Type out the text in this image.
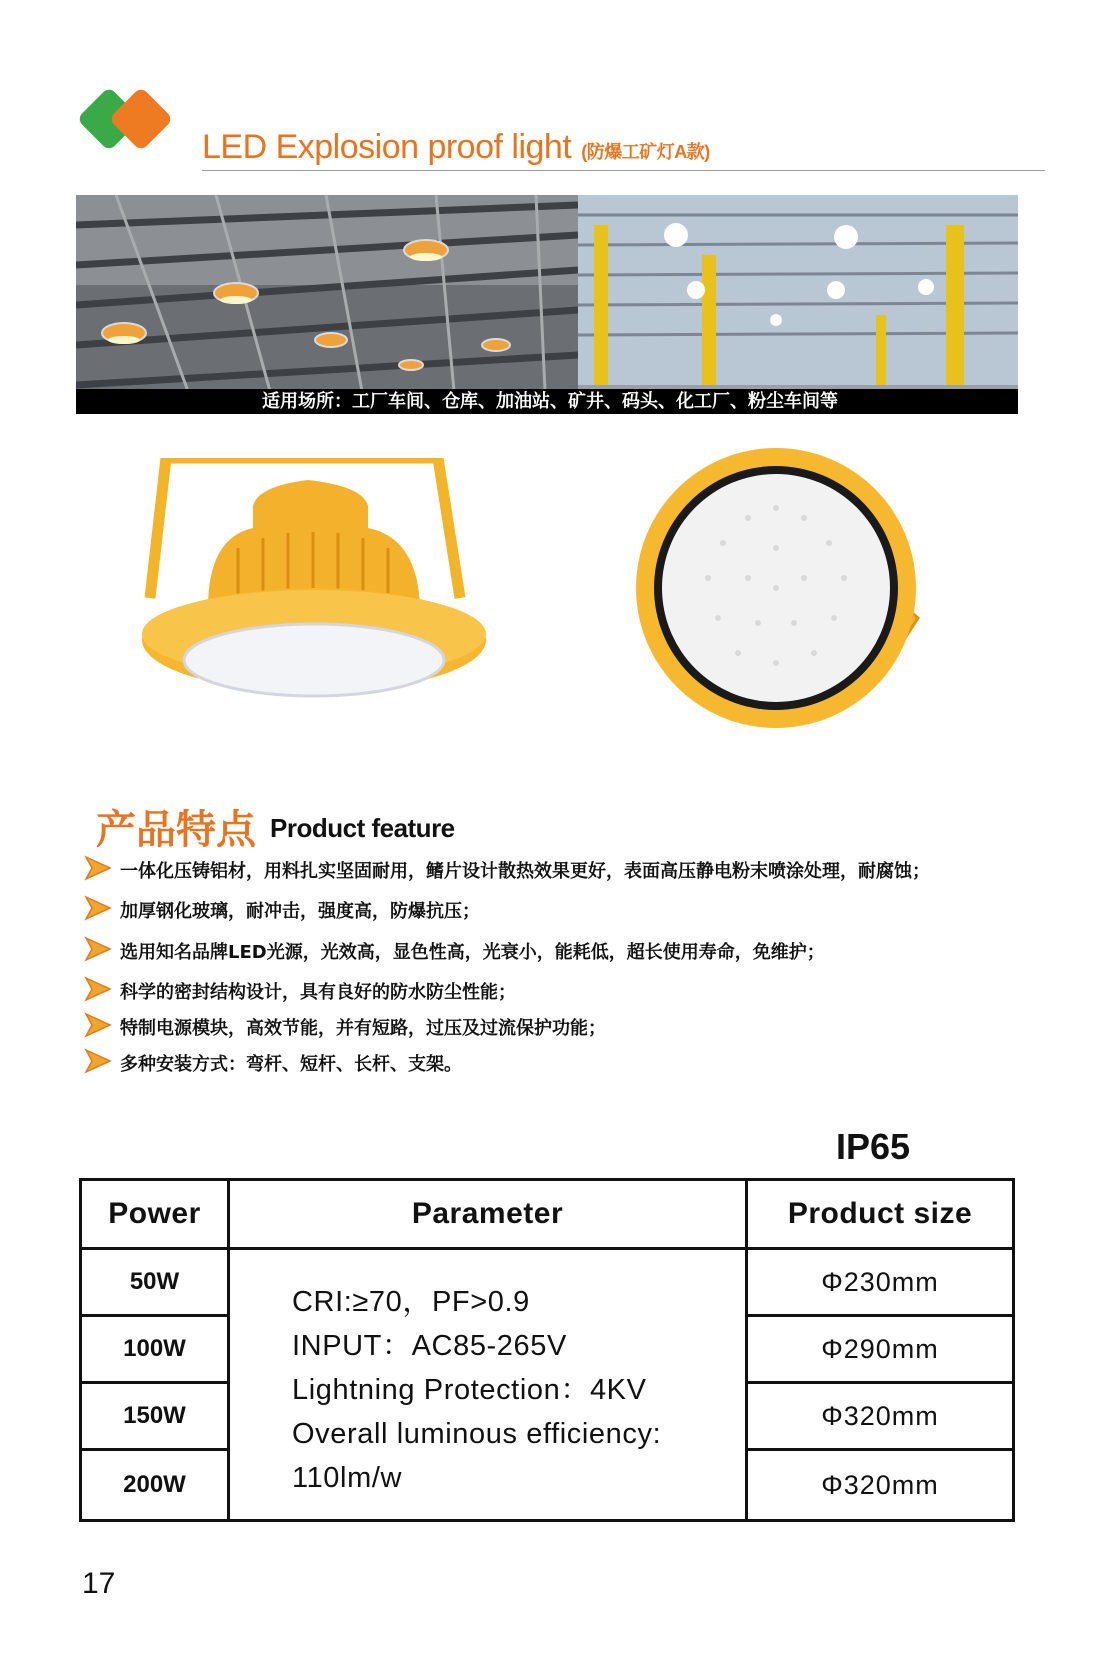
LED Explosion proof light (防爆工矿灯A款)
适用场所：工厂车间、仓库、加油站、矿井、码头、化工厂、粉尘车间等
产品特点 Product feature
一体化压铸铝材，用料扎实坚固耐用，鳍片设计散热效果更好，表面高压静电粉末喷涂处理，耐腐蚀；
加厚钢化玻璃，耐冲击，强度高，防爆抗压；
选用知名品牌LED光源，光效高，显色性高，光衰小，能耗低，超长使用寿命，免维护；
科学的密封结构设计，具有良好的防水防尘性能；
特制电源模块，高效节能，并有短路，过压及过流保护功能；
多种安装方式：弯杆、短杆、长杆、支架。
IP65
Power	Parameter	Product size
50W
100W
150W
200W
CRI:≥70，PF>0.9
INPUT：AC85-265V
Lightning Protection：4KV
Overall luminous efficiency:
110lm/w
Φ230mm
Φ290mm
Φ320mm
Φ320mm
17
